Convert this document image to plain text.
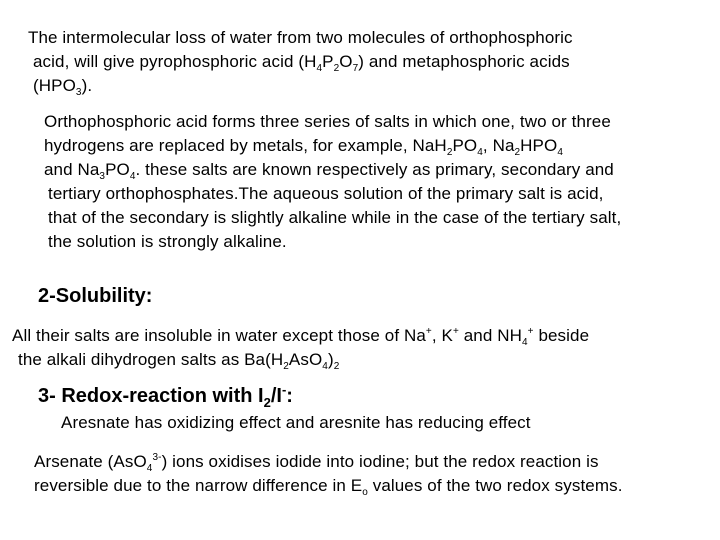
The intermolecular loss of water from two molecules of orthophosphoric
acid, will give pyrophosphoric acid $(H_4P_2O_7)$ and metaphosphoric acids
$(HPO_3)$.
Orthophosphoric acid forms three series of salts in which one, two or three
hydrogens are replaced by metals, for example, $NaH_2PO_4$, $Na_2HPO_4$
and $Na_3PO_4$. these salts are known respectively as primary, secondary and
tertiary orthophosphates.The aqueous solution of the primary salt is acid,
that of the secondary is slightly alkaline while in the case of the tertiary salt,
the solution is strongly alkaline.
2-Solubility:
All their salts are insoluble in water except those of Na+, K+ and $NH_4^+$ beside
the alkali dihydrogen salts as $Ba(H_2AsO_4)_2$
3- Redox-reaction with $I_2/I^-$:
Aresnate has oxidizing effect and aresnite has reducing effect
Arsenate (AsO$_4^{3-}$) ions oxidises iodide into iodine; but the redox reaction is
reversible due to the narrow difference in $E_o$ values of the two redox systems.
